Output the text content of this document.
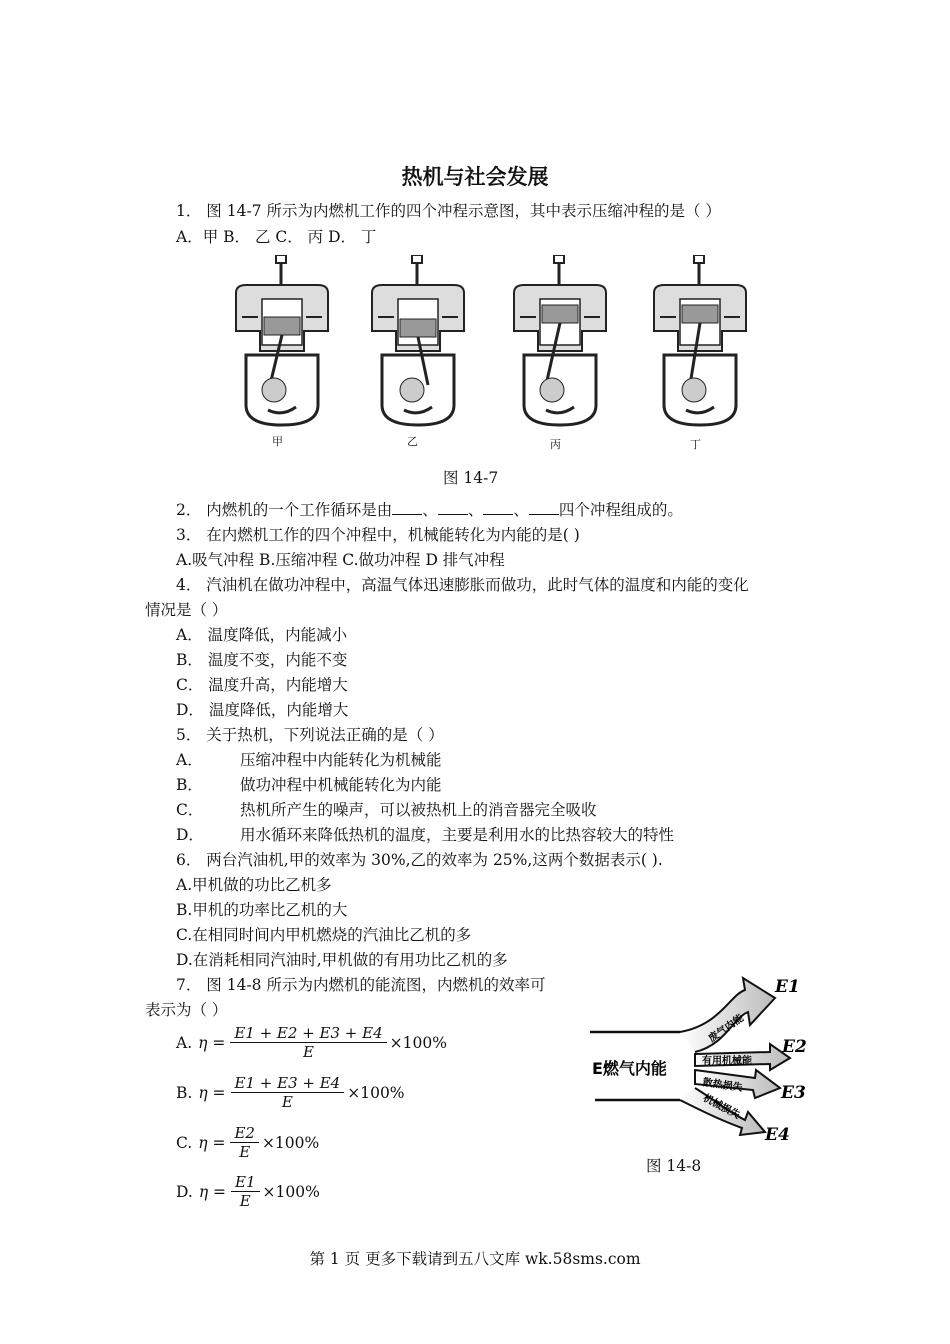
热机与社会发展
1． 图 14-7 所示为内燃机工作的四个冲程示意图，其中表示压缩冲程的是（ ）
A．甲 B． 乙 C． 丙 D． 丁
甲	乙	丙	丁
图 14-7
2． 内燃机的一个工作循环是由 、 、 、 四个冲程组成的。
3． 在内燃机工作的四个冲程中，机械能转化为内能的是( )
A.吸气冲程 B.压缩冲程 C.做功冲程 D 排气冲程
4． 汽油机在做功冲程中，高温气体迅速膨胀而做功，此时气体的温度和内能的变化
情况是（ ）
A． 温度降低，内能减小
B． 温度不变，内能不变
C． 温度升高，内能增大
D． 温度降低，内能增大
5． 关于热机，下列说法正确的是（ ）
A． 压缩冲程中内能转化为机械能
B． 做功冲程中机械能转化为内能
C． 热机所产生的噪声，可以被热机上的消音器完全吸收
D． 用水循环来降低热机的温度，主要是利用水的比热容较大的特性
6． 两台汽油机,甲的效率为 30%,乙的效率为 25%,这两个数据表示( ).
A.甲机做的功比乙机多
B.甲机的功率比乙机的大
C.在相同时间内甲机燃烧的汽油比乙机的多
D.在消耗相同汽油时,甲机做的有用功比乙机的多
7． 图 14-8 所示为内燃机的能流图，内燃机的效率可
表示为（ ）
A. $\eta = \frac{E1 + E2 + E3 + E4}{E} \times 100\%$
B. $\eta = \frac{E1 + E3 + E4}{E} \times 100\%$
C. $\eta = \frac{E2}{E} \times 100\%$
D. $\eta = \frac{E1}{E} \times 100\%$
废气内能
有用机械能
散热损失
机械损失
E燃气内能
E1
E2
E3
E4
图 14-8
第 1 页 更多下载请到五八文库 wk.58sms.com
